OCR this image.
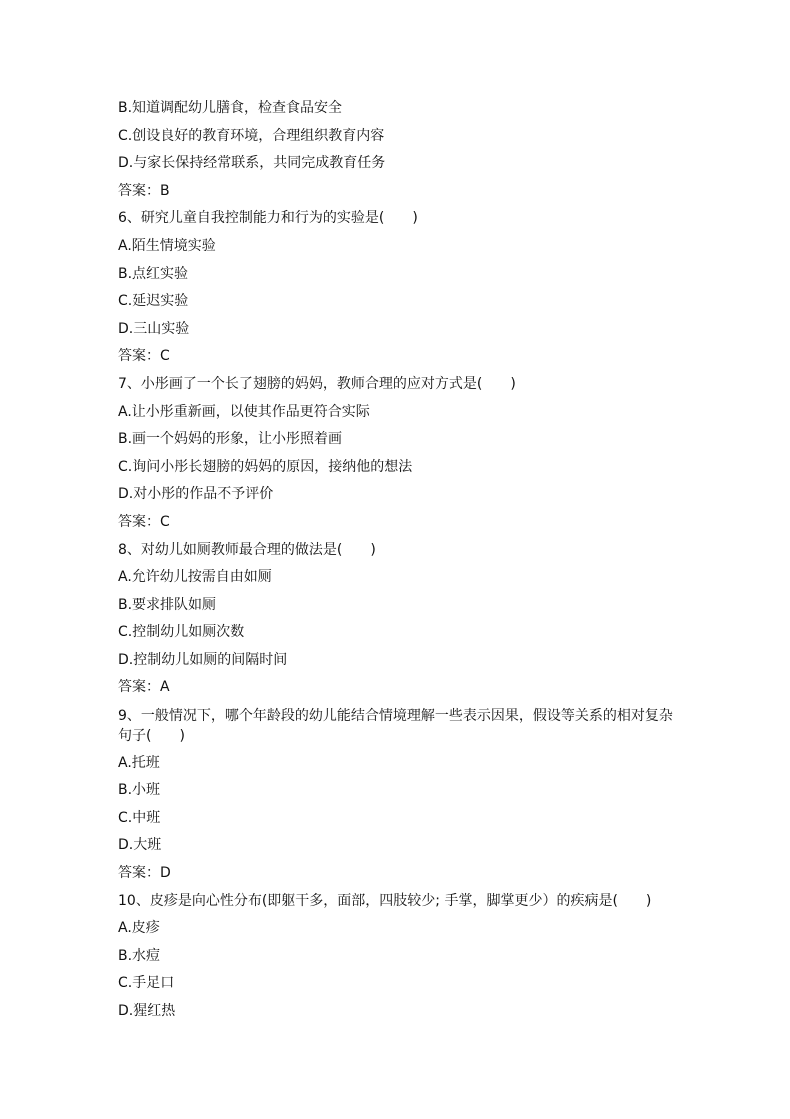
B.知道调配幼儿膳食，检查食品安全
C.创设良好的教育环境，合理组织教育内容
D.与家长保持经常联系，共同完成教育任务
答案：B
6、研究儿童自我控制能力和行为的实验是(　　)
A.陌生情境实验
B.点红实验
C.延迟实验
D.三山实验
答案：C
7、小彤画了一个长了翅膀的妈妈，教师合理的应对方式是(　　)
A.让小彤重新画，以使其作品更符合实际
B.画一个妈妈的形象，让小彤照着画
C.询问小彤长翅膀的妈妈的原因，接纳他的想法
D.对小彤的作品不予评价
答案：C
8、对幼儿如厕教师最合理的做法是(　　)
A.允许幼儿按需自由如厕
B.要求排队如厕
C.控制幼儿如厕次数
D.控制幼儿如厕的间隔时间
答案：A
9、一般情况下，哪个年龄段的幼儿能结合情境理解一些表示因果，假设等关系的相对复杂句子(　　)
A.托班
B.小班
C.中班
D.大班
答案：D
10、皮疹是向心性分布(即躯干多，面部，四肢较少; 手掌，脚掌更少）的疾病是(　　)
A.皮疹
B.水痘
C.手足口
D.猩红热
